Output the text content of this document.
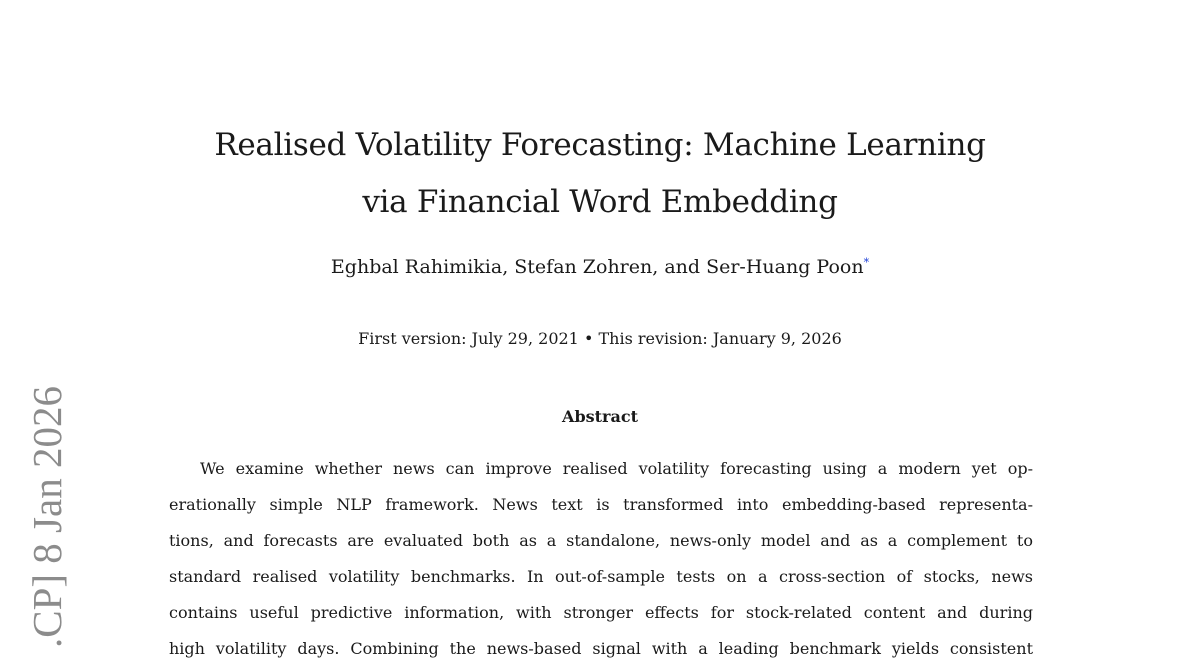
Realised Volatility Forecasting: Machine Learning
via Financial Word Embedding
Eghbal Rahimikia, Stefan Zohren, and Ser-Huang Poon*
First version: July 29, 2021 • This revision: January 9, 2026
Abstract
We examine whether news can improve realised volatility forecasting using a modern yet op-
erationally simple NLP framework. News text is transformed into embedding-based representa-
tions, and forecasts are evaluated both as a standalone, news-only model and as a complement to
standard realised volatility benchmarks. In out-of-sample tests on a cross-section of stocks, news
contains useful predictive information, with stronger effects for stock-related content and during
high volatility days. Combining the news-based signal with a leading benchmark yields consistent
.CP] 8 Jan 2026
